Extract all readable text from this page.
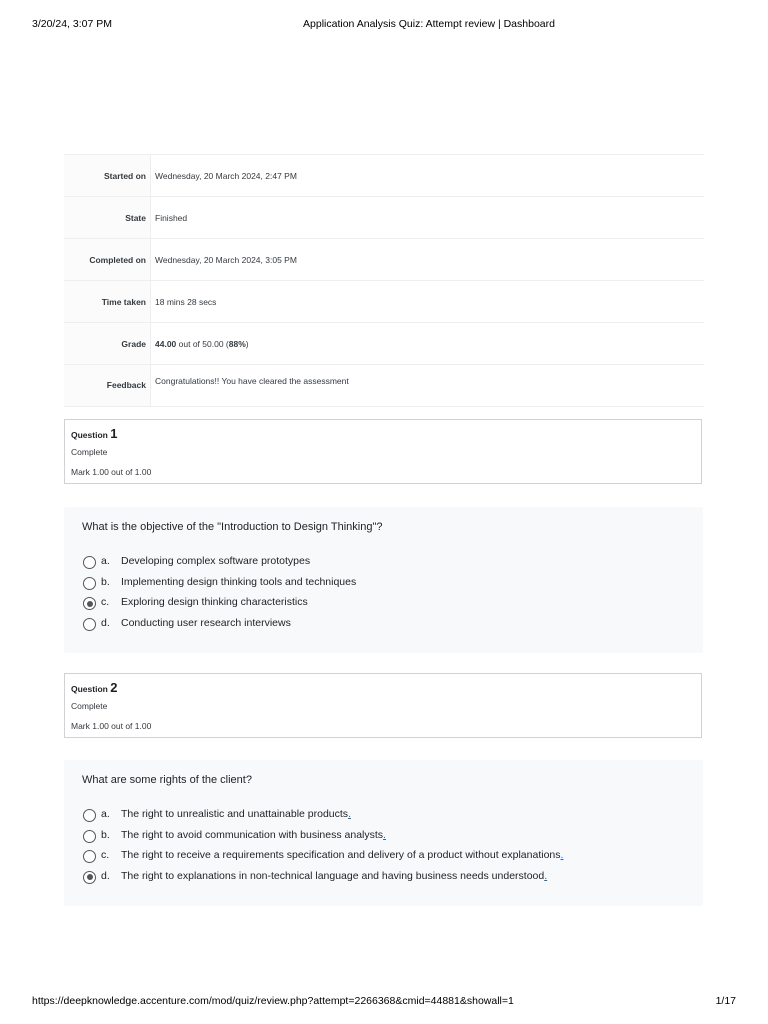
3/20/24, 3:07 PM	Application Analysis Quiz: Attempt review | Dashboard
Started on	Wednesday, 20 March 2024, 2:47 PM
State	Finished
Completed on	Wednesday, 20 March 2024, 3:05 PM
Time taken	18 mins 28 secs
Grade	44.00 out of 50.00 (88%)
Feedback	Congratulations!! You have cleared the assessment
Question 1
Complete
Mark 1.00 out of 1.00
What is the objective of the "Introduction to Design Thinking"?
a. Developing complex software prototypes
b. Implementing design thinking tools and techniques
c. Exploring design thinking characteristics
d. Conducting user research interviews
Question 2
Complete
Mark 1.00 out of 1.00
What are some rights of the client?
a. The right to unrealistic and unattainable products.
b. The right to avoid communication with business analysts.
c. The right to receive a requirements specification and delivery of a product without explanations.
d. The right to explanations in non-technical language and having business needs understood.
https://deepknowledge.accenture.com/mod/quiz/review.php?attempt=2266368&cmid=44881&showall=1	1/17
